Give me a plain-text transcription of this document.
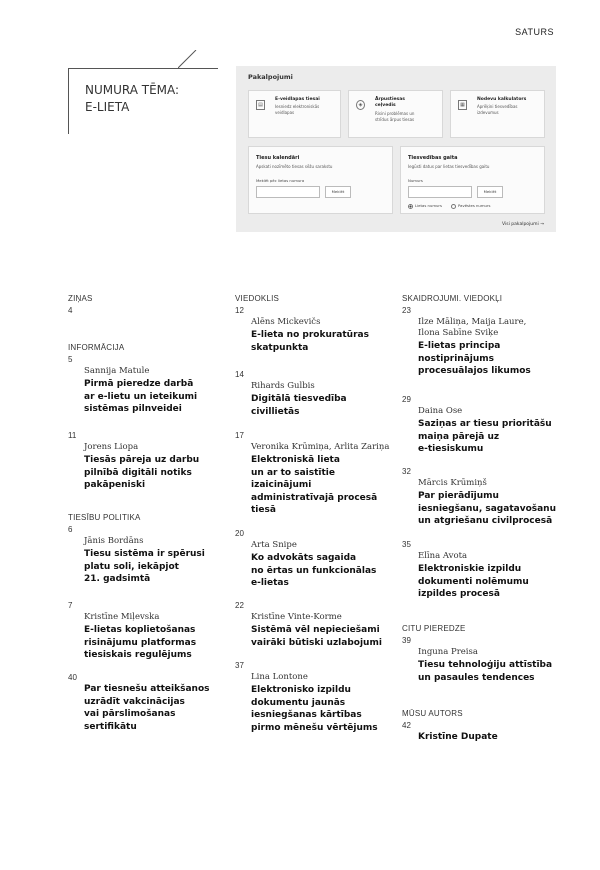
SATURS
NUMURA TĒMA:
E-LIETA
Pakalpojumi
▤
E-veidlapas tiesai
Iesniedz elektroniskās
veidlapas
◈
Ārpustiesas
ceļvedis
Risini problēmas un
strīdus ārpus tiesas
▦
Nodevu kalkulators
Aprēķini tiesvedības
izdevumus
Tiesu kalendāri
Apskati nozīmēto tiesas sēžu sarakstu
Meklēt pēc lietas numura
Meklēt
Tiesvedības gaita
Iegūsti datus par lietas tiesvedības gaitu
Numurs
Meklēt
Lietas numurs	Pavēstes numurs
Visi pakalpojumi →
ZIŅAS
4
INFORMĀCIJA
5
Sannija Matule
Pirmā pieredze darbā
ar e-lietu un ieteikumi
sistēmas pilnveidei
11
Jorens Liopa
Tiesās pāreja uz darbu
pilnībā digitāli notiks
pakāpeniski
TIESĪBU POLITIKA
6
Jānis Bordāns
Tiesu sistēma ir spērusi
platu soli, iekāpjot
21. gadsimtā
7
Kristīne Miļevska
E-lietas koplietošanas
risinājumu platformas
tiesiskais regulējums
40
Par tiesnešu atteikšanos
uzrādīt vakcinācijas
vai pārslimošanas
sertifikātu
VIEDOKLIS
12
Alēns Mickevičs
E-lieta no prokuratūras
skatpunkta
14
Rihards Gulbis
Digitālā tiesvedība
civillietās
17
Veronika Krūmiņa, Arlita Zariņa
Elektroniskā lieta
un ar to saistītie
izaicinājumi
administratīvajā procesā
tiesā
20
Arta Snipe
Ko advokāts sagaida
no ērtas un funkcionālas
e-lietas
22
Kristīne Vinte-Korme
Sistēmā vēl nepieciešami
vairāki būtiski uzlabojumi
37
Lina Lontone
Elektronisko izpildu
dokumentu jaunās
iesniegšanas kārtības
pirmo mēnešu vērtējums
SKAIDROJUMI. VIEDOKĻI
23
Ilze Māliņa, Maija Laure,
Ilona Sabīne Sviķe
E-lietas principa
nostiprinājums
procesuālajos likumos
29
Daina Ose
Saziņas ar tiesu prioritāšu
maiņa pārejā uz
e-tiesiskumu
32
Mārcis Krūmiņš
Par pierādījumu
iesniegšanu, sagatavošanu
un atgriešanu civilprocesā
35
Elīna Avota
Elektroniskie izpildu
dokumenti nolēmumu
izpildes procesā
CITU PIEREDZE
39
Inguna Preisa
Tiesu tehnoloģiju attīstība
un pasaules tendences
MŪSU AUTORS
42
Kristīne Dupate
